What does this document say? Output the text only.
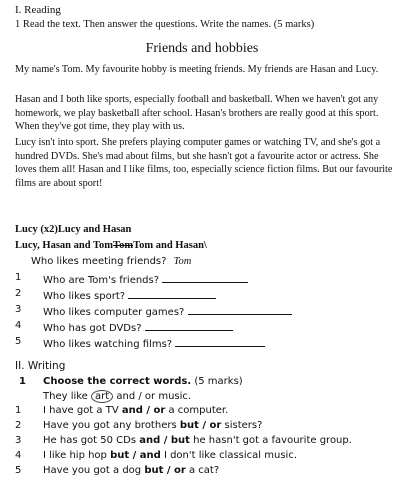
I. Reading
1 Read the text. Then answer the questions. Write the names. (5 marks)
Friends and hobbies
My name's Tom. My favourite hobby is meeting friends. My friends are Hasan and Lucy.
Hasan and I both like sports, especially football and basketball. When we haven't got any homework, we play basketball after school. Hasan's brothers are really good at this sport. When they've got time, they play with us.
Lucy isn't into sport. She prefers playing computer games or watching TV, and she's got a hundred DVDs. She's mad about films, but she hasn't got a favourite actor or actress. She loves them all! Hasan and I like films, too, especially science fiction films. But our favourite films are about sport!
Lucy (x2)Lucy and Hasan
Lucy, Hasan and TomTomTom and Hasan\
Who likes meeting friends? Tom
1	Who are Tom's friends?
2	Who likes sport?
3	Who likes computer games?
4	Who has got DVDs?
5	Who likes watching films?
II. Writing
1 Choose the correct words. (5 marks)
They like art and / or music.
1	I have got a TV and / or a computer.
2	Have you got any brothers but / or sisters?
3	He has got 50 CDs and / but he hasn't got a favourite group.
4	I like hip hop but / and I don't like classical music.
5	Have you got a dog but / or a cat?
